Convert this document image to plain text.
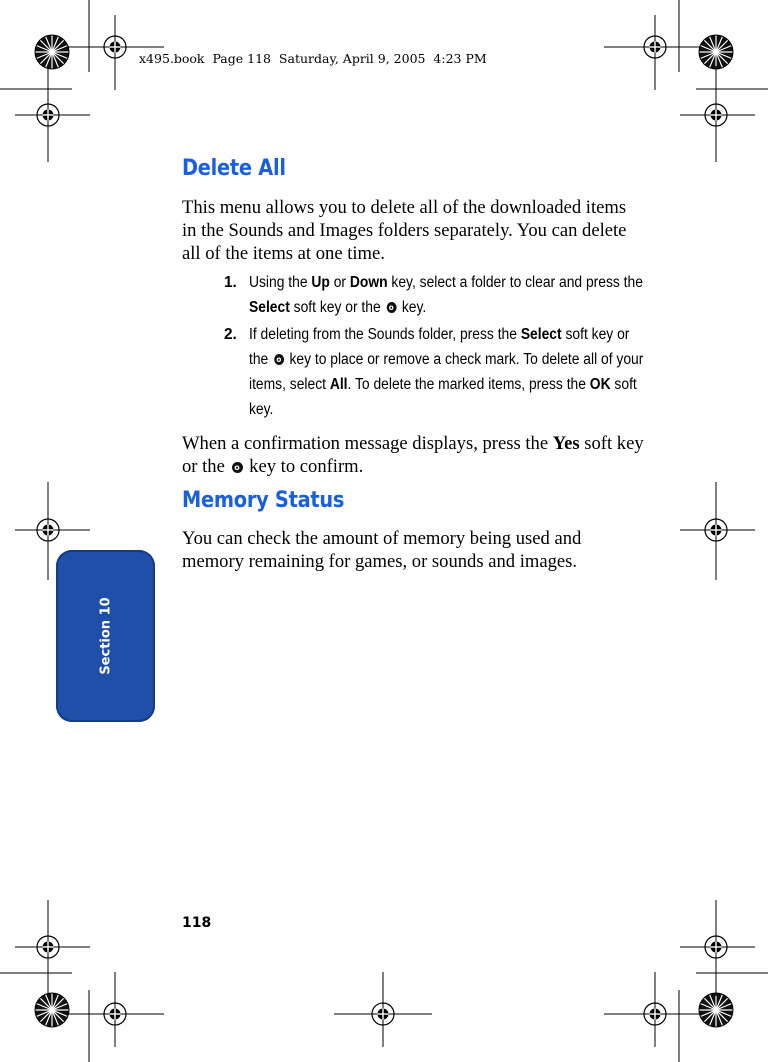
x495.book  Page 118  Saturday, April 9, 2005  4:23 PM
Delete All
This menu allows you to delete all of the downloaded items in the Sounds and Images folders separately. You can delete all of the items at one time.
1. Using the Up or Down key, select a folder to clear and press the Select soft key or the o key.
2. If deleting from the Sounds folder, press the Select soft key or the o key to place or remove a check mark. To delete all of your items, select All. To delete the marked items, press the OK soft key.
When a confirmation message displays, press the Yes soft key or the o key to confirm.
Memory Status
You can check the amount of memory being used and memory remaining for games, or sounds and images.
Section 10
118
